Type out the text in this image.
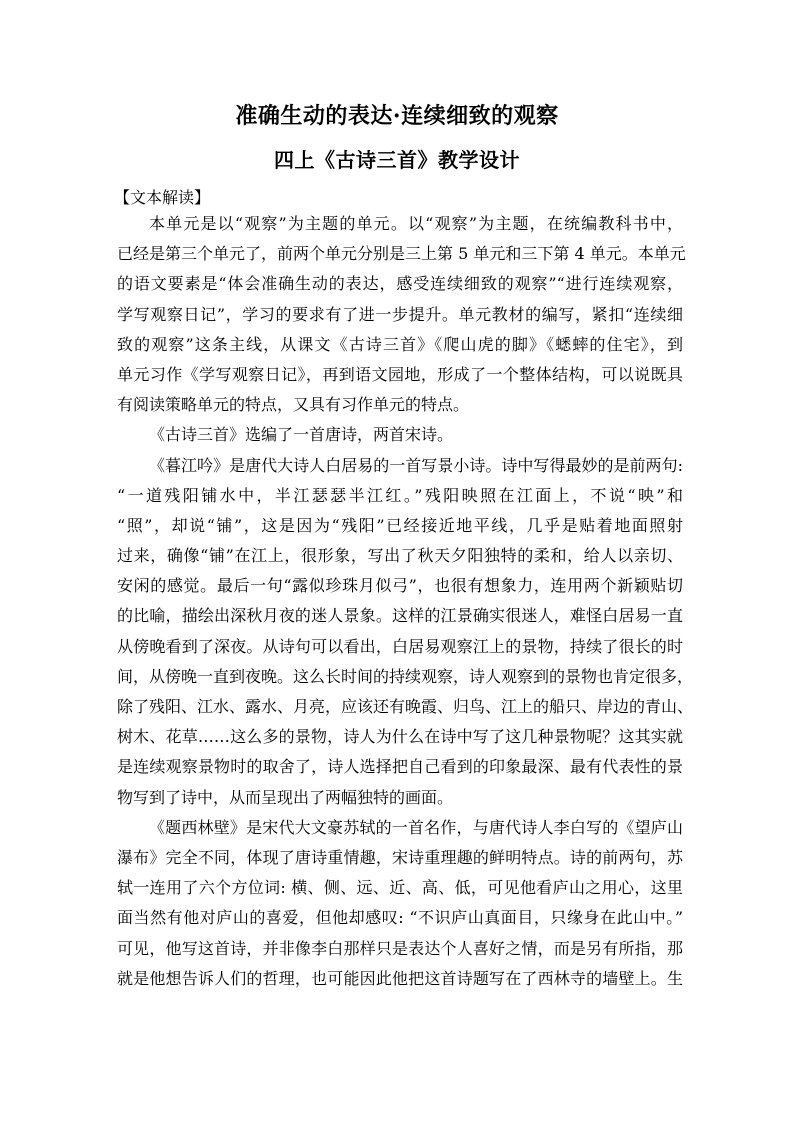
准确生动的表达·连续细致的观察
四上《古诗三首》教学设计
【文本解读】
本单元是以“观察”为主题的单元。以“观察”为主题，在统编教科书中，
已经是第三个单元了，前两个单元分别是三上第 5 单元和三下第 4 单元。本单元
的语文要素是“体会准确生动的表达，感受连续细致的观察”“进行连续观察，
学写观察日记”，学习的要求有了进一步提升。单元教材的编写，紧扣“连续细
致的观察”这条主线，从课文《古诗三首》《爬山虎的脚》《蟋蟀的住宅》，到
单元习作《学写观察日记》，再到语文园地，形成了一个整体结构，可以说既具
有阅读策略单元的特点，又具有习作单元的特点。
《古诗三首》选编了一首唐诗，两首宋诗。
《暮江吟》是唐代大诗人白居易的一首写景小诗。诗中写得最妙的是前两句:
“一道残阳铺水中，半江瑟瑟半江红。”残阳映照在江面上，不说“映”和
“照”，却说“铺”，这是因为“残阳”已经接近地平线，几乎是贴着地面照射
过来，确像“铺”在江上，很形象，写出了秋天夕阳独特的柔和，给人以亲切、
安闲的感觉。最后一句“露似珍珠月似弓”，也很有想象力，连用两个新颖贴切
的比喻，描绘出深秋月夜的迷人景象。这样的江景确实很迷人，难怪白居易一直
从傍晚看到了深夜。从诗句可以看出，白居易观察江上的景物，持续了很长的时
间，从傍晚一直到夜晚。这么长时间的持续观察，诗人观察到的景物也肯定很多，
除了残阳、江水、露水、月亮，应该还有晚霞、归鸟、江上的船只、岸边的青山、
树木、花草……这么多的景物，诗人为什么在诗中写了这几种景物呢？这其实就
是连续观察景物时的取舍了，诗人选择把自己看到的印象最深、最有代表性的景
物写到了诗中，从而呈现出了两幅独特的画面。
《题西林壁》是宋代大文豪苏轼的一首名作，与唐代诗人李白写的《望庐山
瀑布》完全不同，体现了唐诗重情趣，宋诗重理趣的鲜明特点。诗的前两句，苏
轼一连用了六个方位词: 横、侧、远、近、高、低，可见他看庐山之用心，这里
面当然有他对庐山的喜爱，但他却感叹: “不识庐山真面目，只缘身在此山中。”
可见，他写这首诗，并非像李白那样只是表达个人喜好之情，而是另有所指，那
就是他想告诉人们的哲理，也可能因此他把这首诗题写在了西林寺的墙壁上。生
